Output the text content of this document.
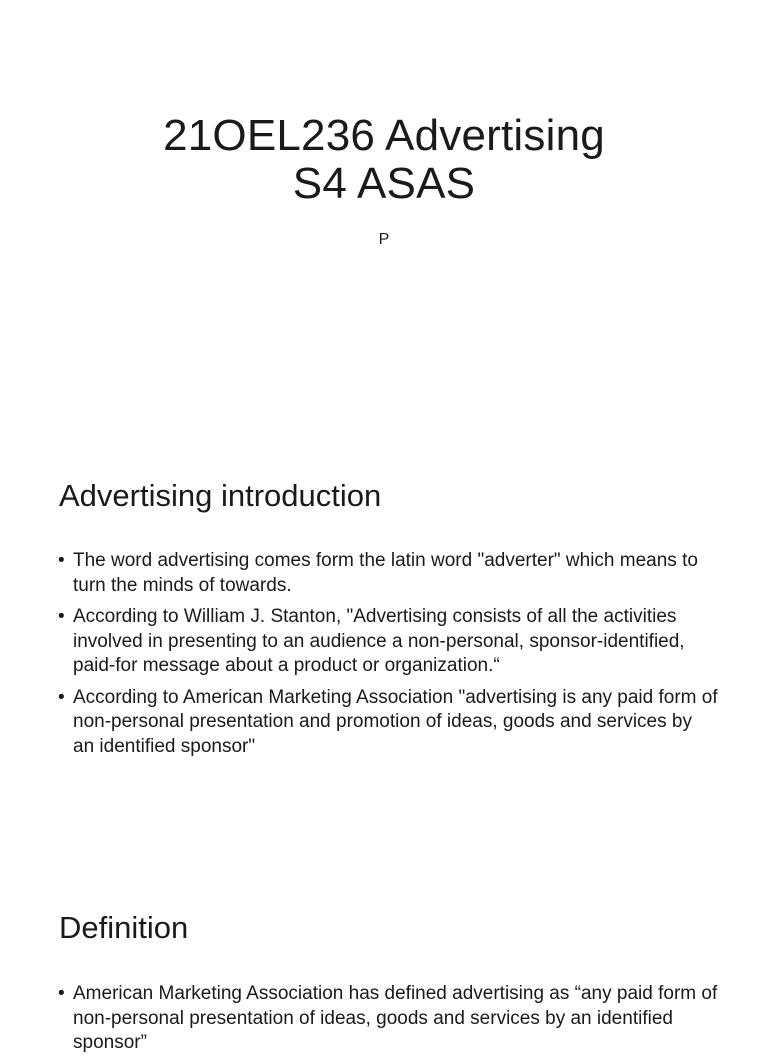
21OEL236 Advertising
S4 ASAS
P
Advertising introduction
• The word advertising comes form the latin word "adverter" which means to turn the minds of towards.
• According to William J. Stanton, "Advertising consists of all the activities involved in presenting to an audience a non-personal, sponsor-identified, paid-for message about a product or organization.“
• According to American Marketing Association "advertising is any paid form of non-personal presentation and promotion of ideas, goods and services by an identified sponsor"
Definition
• American Marketing Association has defined advertising as “any paid form of non-personal presentation of ideas, goods and services by an identified sponsor”
